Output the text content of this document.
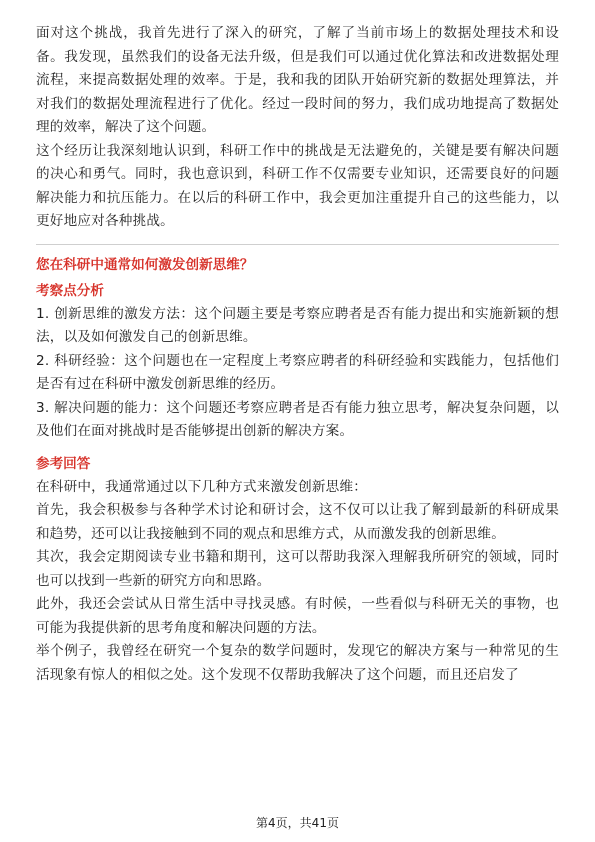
面对这个挑战，我首先进行了深入的研究，了解了当前市场上的数据处理技术和设备。我发现，虽然我们的设备无法升级，但是我们可以通过优化算法和改进数据处理流程，来提高数据处理的效率。于是，我和我的团队开始研究新的数据处理算法，并对我们的数据处理流程进行了优化。经过一段时间的努力，我们成功地提高了数据处理的效率，解决了这个问题。

这个经历让我深刻地认识到，科研工作中的挑战是无法避免的，关键是要有解决问题的决心和勇气。同时，我也意识到，科研工作不仅需要专业知识，还需要良好的问题解决能力和抗压能力。在以后的科研工作中，我会更加注重提升自己的这些能力，以更好地应对各种挑战。

您在科研中通常如何激发创新思维？

考察点分析

1. 创新思维的激发方法：这个问题主要是考察应聘者是否有能力提出和实施新颖的想法，以及如何激发自己的创新思维。

2. 科研经验：这个问题也在一定程度上考察应聘者的科研经验和实践能力，包括他们是否有过在科研中激发创新思维的经历。

3. 解决问题的能力：这个问题还考察应聘者是否有能力独立思考，解决复杂问题，以及他们在面对挑战时是否能够提出创新的解决方案。

参考回答

在科研中，我通常通过以下几种方式来激发创新思维：

首先，我会积极参与各种学术讨论和研讨会，这不仅可以让我了解到最新的科研成果和趋势，还可以让我接触到不同的观点和思维方式，从而激发我的创新思维。

其次，我会定期阅读专业书籍和期刊，这可以帮助我深入理解我所研究的领域，同时也可以找到一些新的研究方向和思路。

此外，我还会尝试从日常生活中寻找灵感。有时候，一些看似与科研无关的事物，也可能为我提供新的思考角度和解决问题的方法。

举个例子，我曾经在研究一个复杂的数学问题时，发现它的解决方案与一种常见的生活现象有惊人的相似之处。这个发现不仅帮助我解决了这个问题，而且还启发了

第4页，共41页
